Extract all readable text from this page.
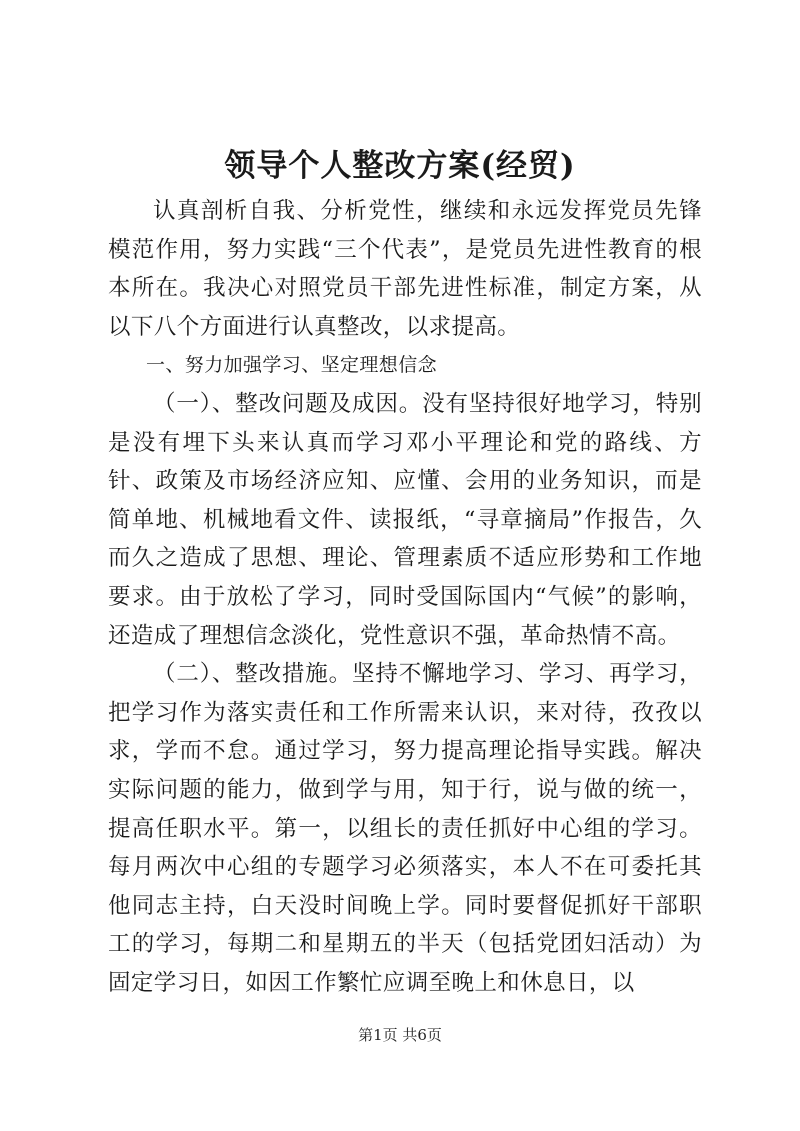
领导个人整改方案(经贸)

认真剖析自我、分析党性，继续和永远发挥党员先锋模范作用，努力实践“三个代表”，是党员先进性教育的根本所在。我决心对照党员干部先进性标准，制定方案，从以下八个方面进行认真整改，以求提高。

一、努力加强学习、坚定理想信念

（一）、整改问题及成因。没有坚持很好地学习，特别是没有埋下头来认真而学习邓小平理论和党的路线、方针、政策及市场经济应知、应懂、会用的业务知识，而是简单地、机械地看文件、读报纸，“寻章摘局”作报告，久而久之造成了思想、理论、管理素质不适应形势和工作地要求。由于放松了学习，同时受国际国内“气候”的影响，还造成了理想信念淡化，党性意识不强，革命热情不高。

（二）、整改措施。坚持不懈地学习、学习、再学习，把学习作为落实责任和工作所需来认识，来对待，孜孜以求，学而不怠。通过学习，努力提高理论指导实践。解决实际问题的能力，做到学与用，知于行，说与做的统一，提高任职水平。第一，以组长的责任抓好中心组的学习。每月两次中心组的专题学习必须落实，本人不在可委托其他同志主持，白天没时间晚上学。同时要督促抓好干部职工的学习，每期二和星期五的半天（包括党团妇活动）为固定学习日，如因工作繁忙应调至晚上和休息日，以

第1页 共6页
